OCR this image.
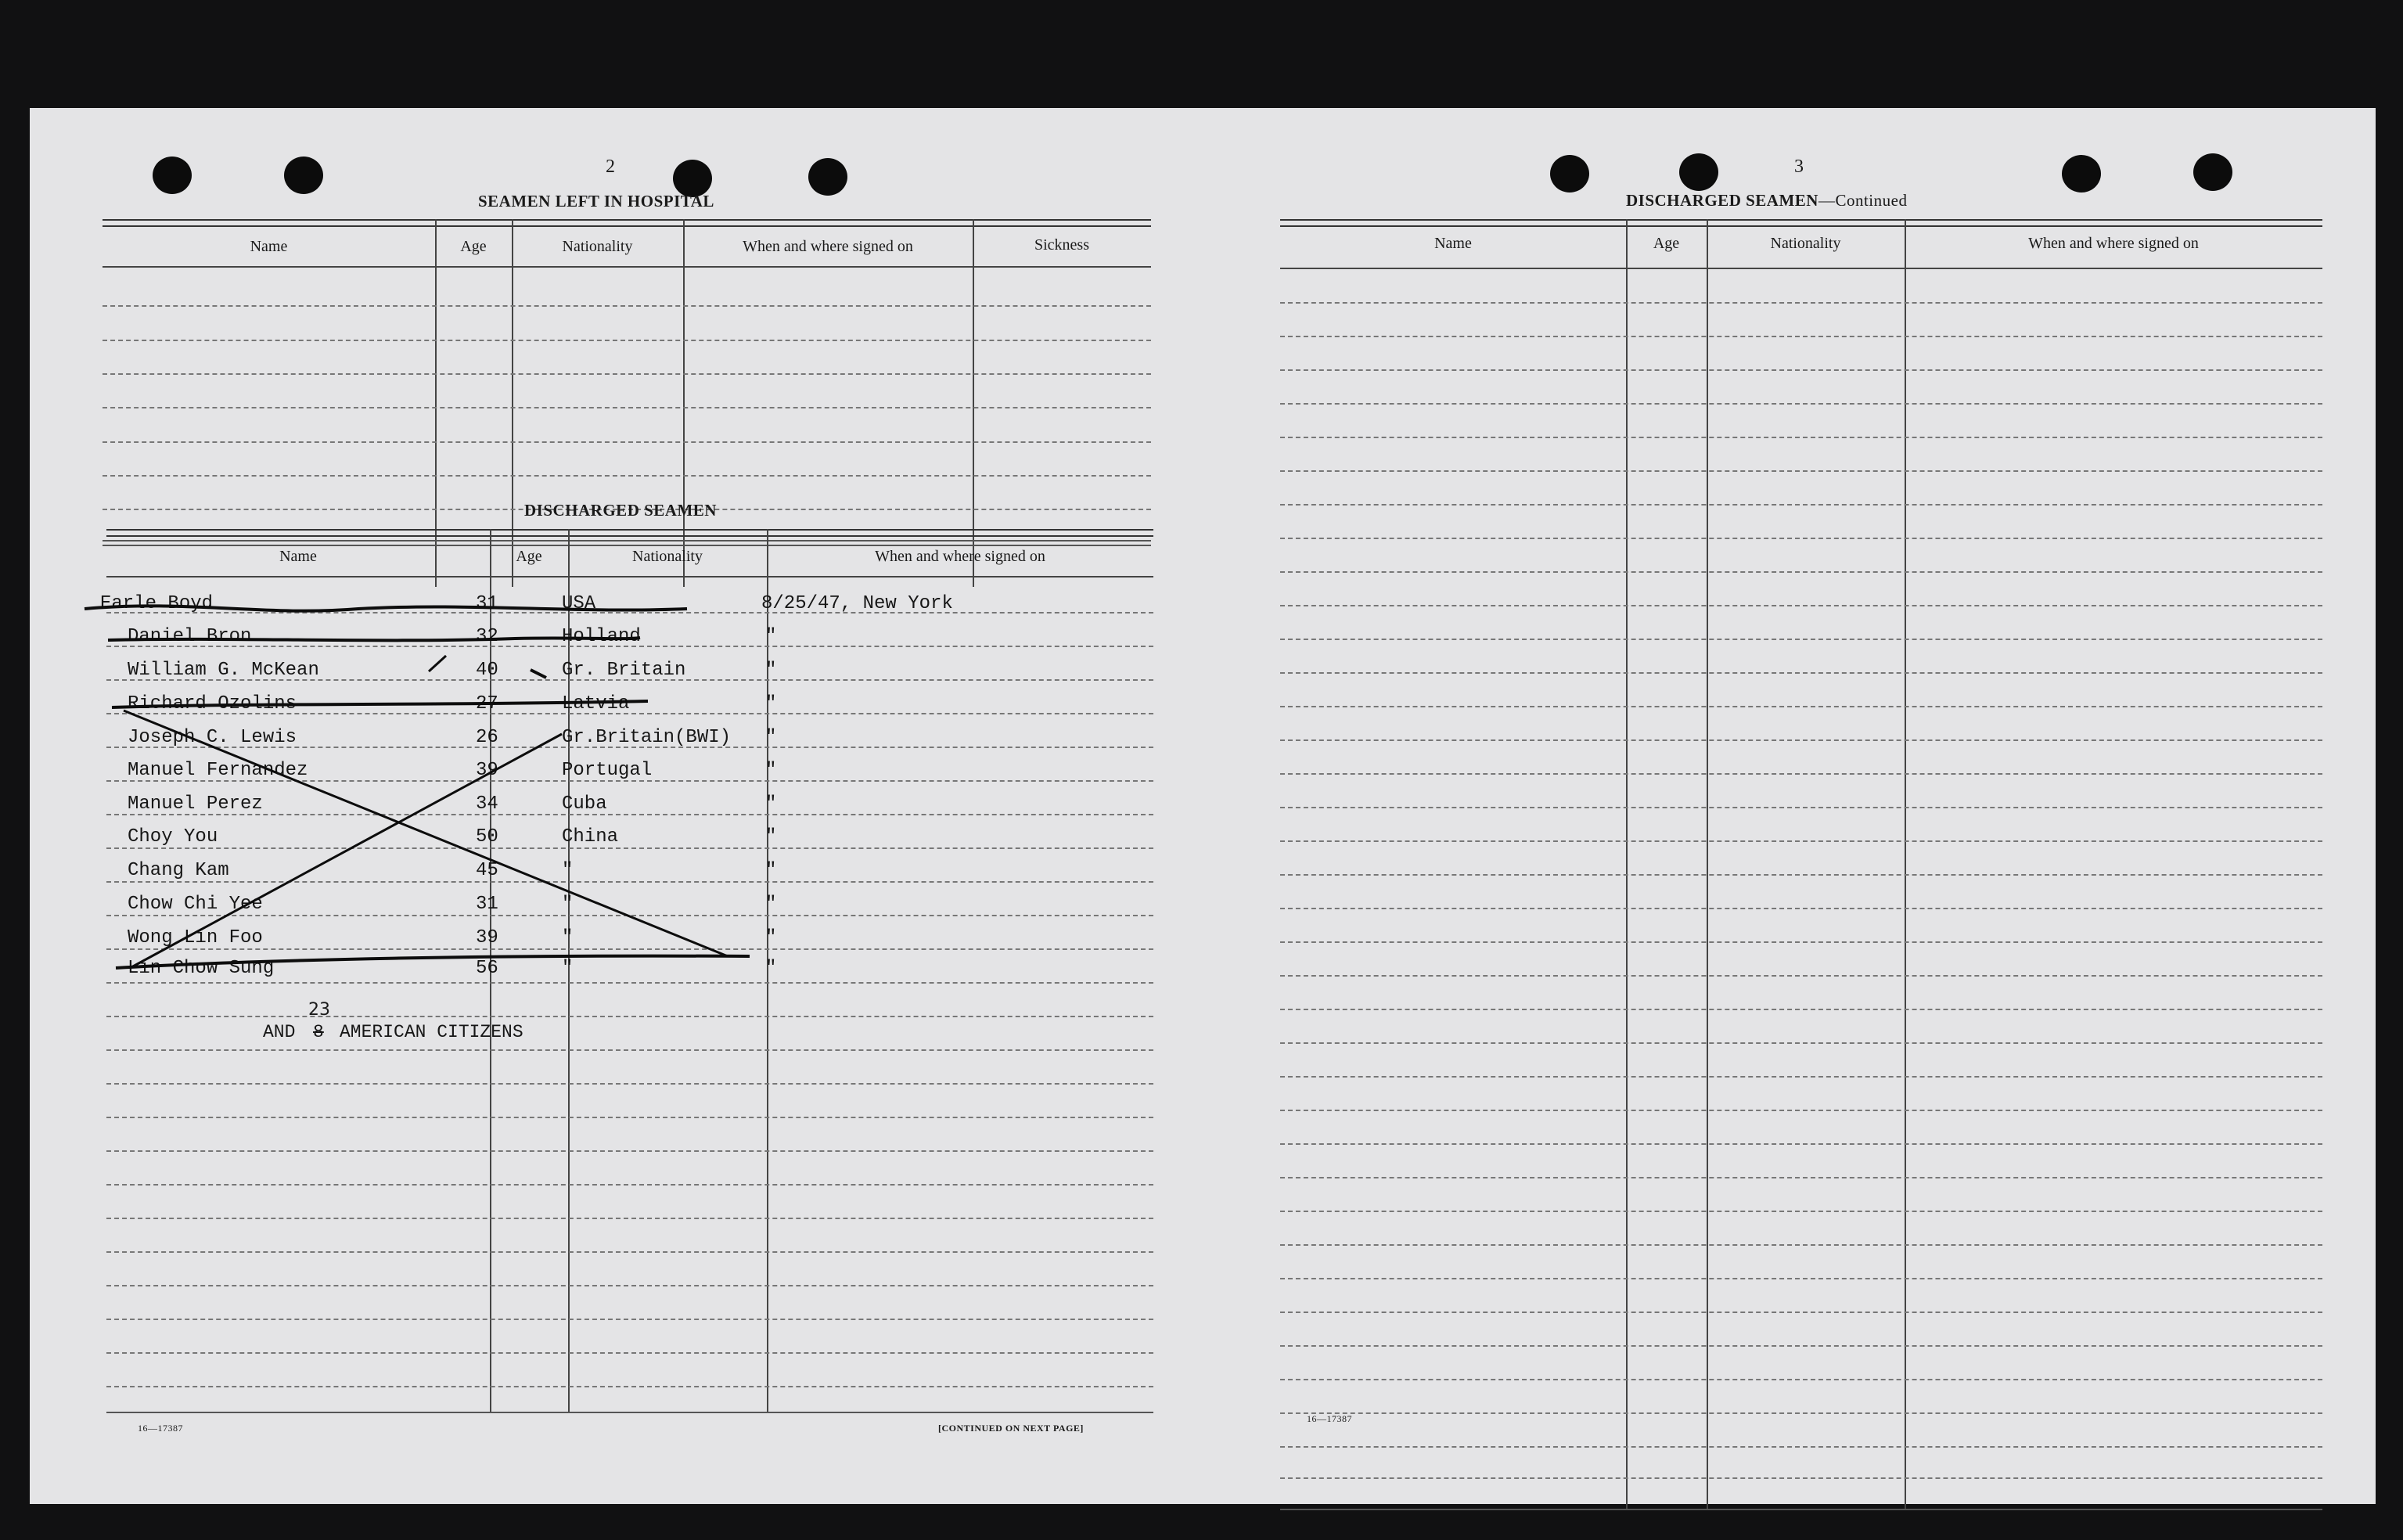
2
SEAMEN LEFT IN HOSPITAL
Name	Age	Nationality	When and where signed on	Sickness
DISCHARGED SEAMEN
Name	Age	Nationality	When and where signed on
Earle Boyd	31	USA	8/25/47, New York
Daniel Bron	32	Holland	"
William G. McKean	40	Gr. Britain	"
Richard Ozolins	27	Latvia	"
Joseph C. Lewis	26	Gr.Britain(BWI) "
Manuel Fernandez	39	Portugal	"
Manuel Perez	34	Cuba	"
Choy You	50	China	"
Chang Kam	45	"	"
Chow Chi Yee	31	"	"
Wong Lin Foo	39	"	"
Lin Chow Sung	56	"	"
AND 8
23
AMERICAN CITIZENS
16—17387	[CONTINUED ON NEXT PAGE]
3
DISCHARGED SEAMEN—Continued
Name	Age	Nationality	When and where signed on
16—17387
